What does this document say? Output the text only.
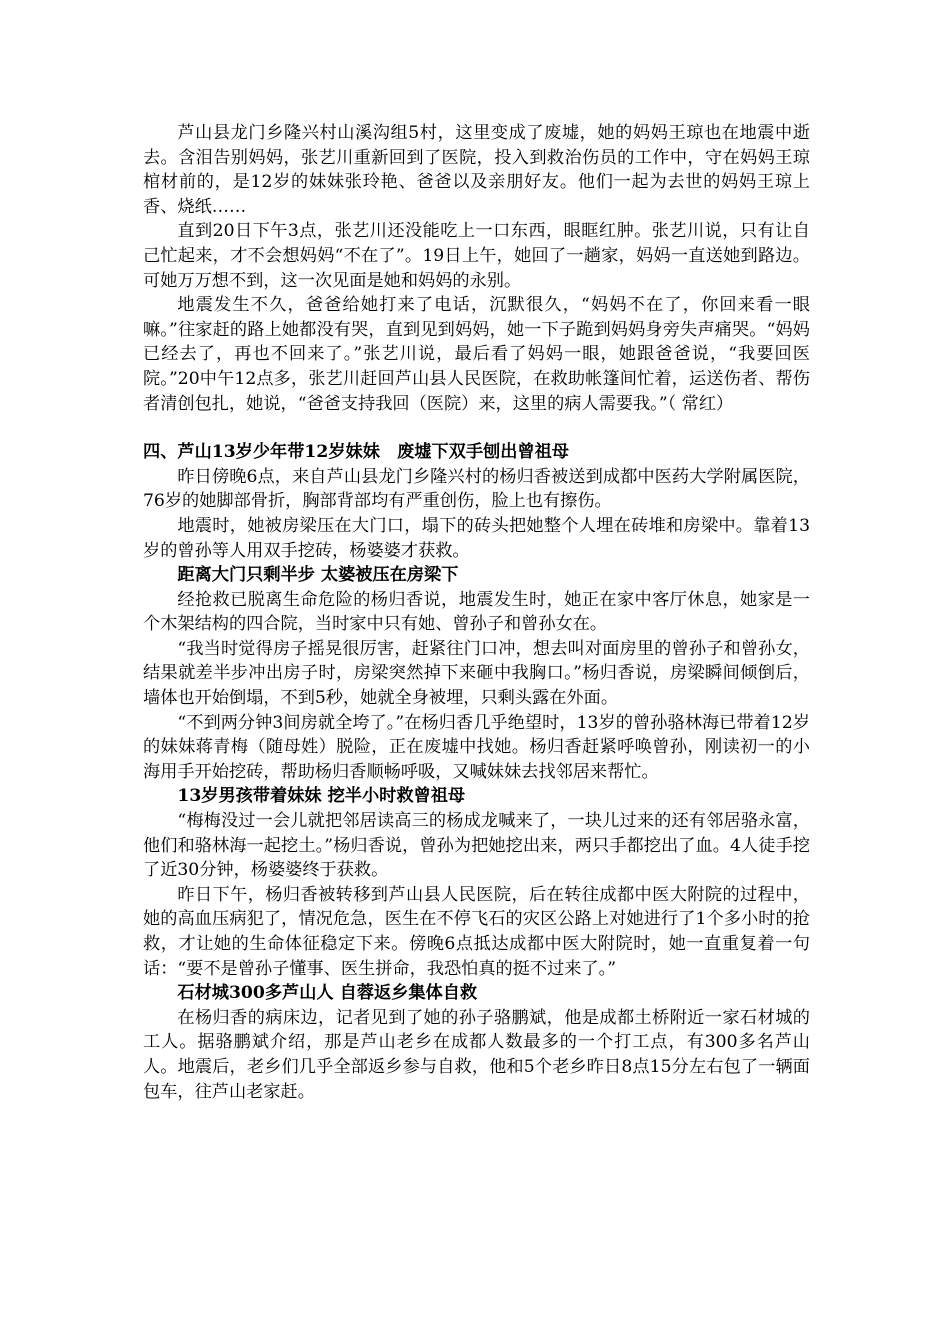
芦山县龙门乡隆兴村山溪沟组5村，这里变成了废墟，她的妈妈王琼也在地震中逝去。含泪告别妈妈，张艺川重新回到了医院，投入到救治伤员的工作中，守在妈妈王琼棺材前的，是12岁的妹妹张玲艳、爸爸以及亲朋好友。他们一起为去世的妈妈王琼上香、烧纸……

直到20日下午3点，张艺川还没能吃上一口东西，眼眶红肿。张艺川说，只有让自己忙起来，才不会想妈妈“不在了”。19日上午，她回了一趟家，妈妈一直送她到路边。可她万万想不到，这一次见面是她和妈妈的永别。

地震发生不久，爸爸给她打来了电话，沉默很久，“妈妈不在了，你回来看一眼嘛。”往家赶的路上她都没有哭，直到见到妈妈，她一下子跪到妈妈身旁失声痛哭。“妈妈已经去了，再也不回来了。”张艺川说，最后看了妈妈一眼，她跟爸爸说，“我要回医院。”20中午12点多，张艺川赶回芦山县人民医院，在救助帐篷间忙着，运送伤者、帮伤者清创包扎，她说，“爸爸支持我回（医院）来，这里的病人需要我。”（ 常红）

四、芦山13岁少年带12岁妹妹　废墟下双手刨出曾祖母

昨日傍晚6点，来自芦山县龙门乡隆兴村的杨归香被送到成都中医药大学附属医院，76岁的她脚部骨折，胸部背部均有严重创伤，脸上也有擦伤。

地震时，她被房梁压在大门口，塌下的砖头把她整个人埋在砖堆和房梁中。靠着13岁的曾孙等人用双手挖砖，杨婆婆才获救。

距离大门只剩半步 太婆被压在房梁下

经抢救已脱离生命危险的杨归香说，地震发生时，她正在家中客厅休息，她家是一个木架结构的四合院，当时家中只有她、曾孙子和曾孙女在。

“我当时觉得房子摇晃很厉害，赶紧往门口冲，想去叫对面房里的曾孙子和曾孙女，结果就差半步冲出房子时，房梁突然掉下来砸中我胸口。”杨归香说，房梁瞬间倾倒后，墙体也开始倒塌，不到5秒，她就全身被埋，只剩头露在外面。

“不到两分钟3间房就全垮了。”在杨归香几乎绝望时，13岁的曾孙骆林海已带着12岁的妹妹蒋青梅（随母姓）脱险，正在废墟中找她。杨归香赶紧呼唤曾孙，刚读初一的小海用手开始挖砖，帮助杨归香顺畅呼吸，又喊妹妹去找邻居来帮忙。

13岁男孩带着妹妹 挖半小时救曾祖母

“梅梅没过一会儿就把邻居读高三的杨成龙喊来了，一块儿过来的还有邻居骆永富，他们和骆林海一起挖土。”杨归香说，曾孙为把她挖出来，两只手都挖出了血。4人徒手挖了近30分钟，杨婆婆终于获救。

昨日下午，杨归香被转移到芦山县人民医院，后在转往成都中医大附院的过程中，她的高血压病犯了，情况危急，医生在不停飞石的灾区公路上对她进行了1个多小时的抢救，才让她的生命体征稳定下来。傍晚6点抵达成都中医大附院时，她一直重复着一句话：“要不是曾孙子懂事、医生拼命，我恐怕真的挺不过来了。”

石材城300多芦山人 自蓉返乡集体自救

在杨归香的病床边，记者见到了她的孙子骆鹏斌，他是成都土桥附近一家石材城的工人。据骆鹏斌介绍，那是芦山老乡在成都人数最多的一个打工点，有300多名芦山人。地震后，老乡们几乎全部返乡参与自救，他和5个老乡昨日8点15分左右包了一辆面包车，往芦山老家赶。
